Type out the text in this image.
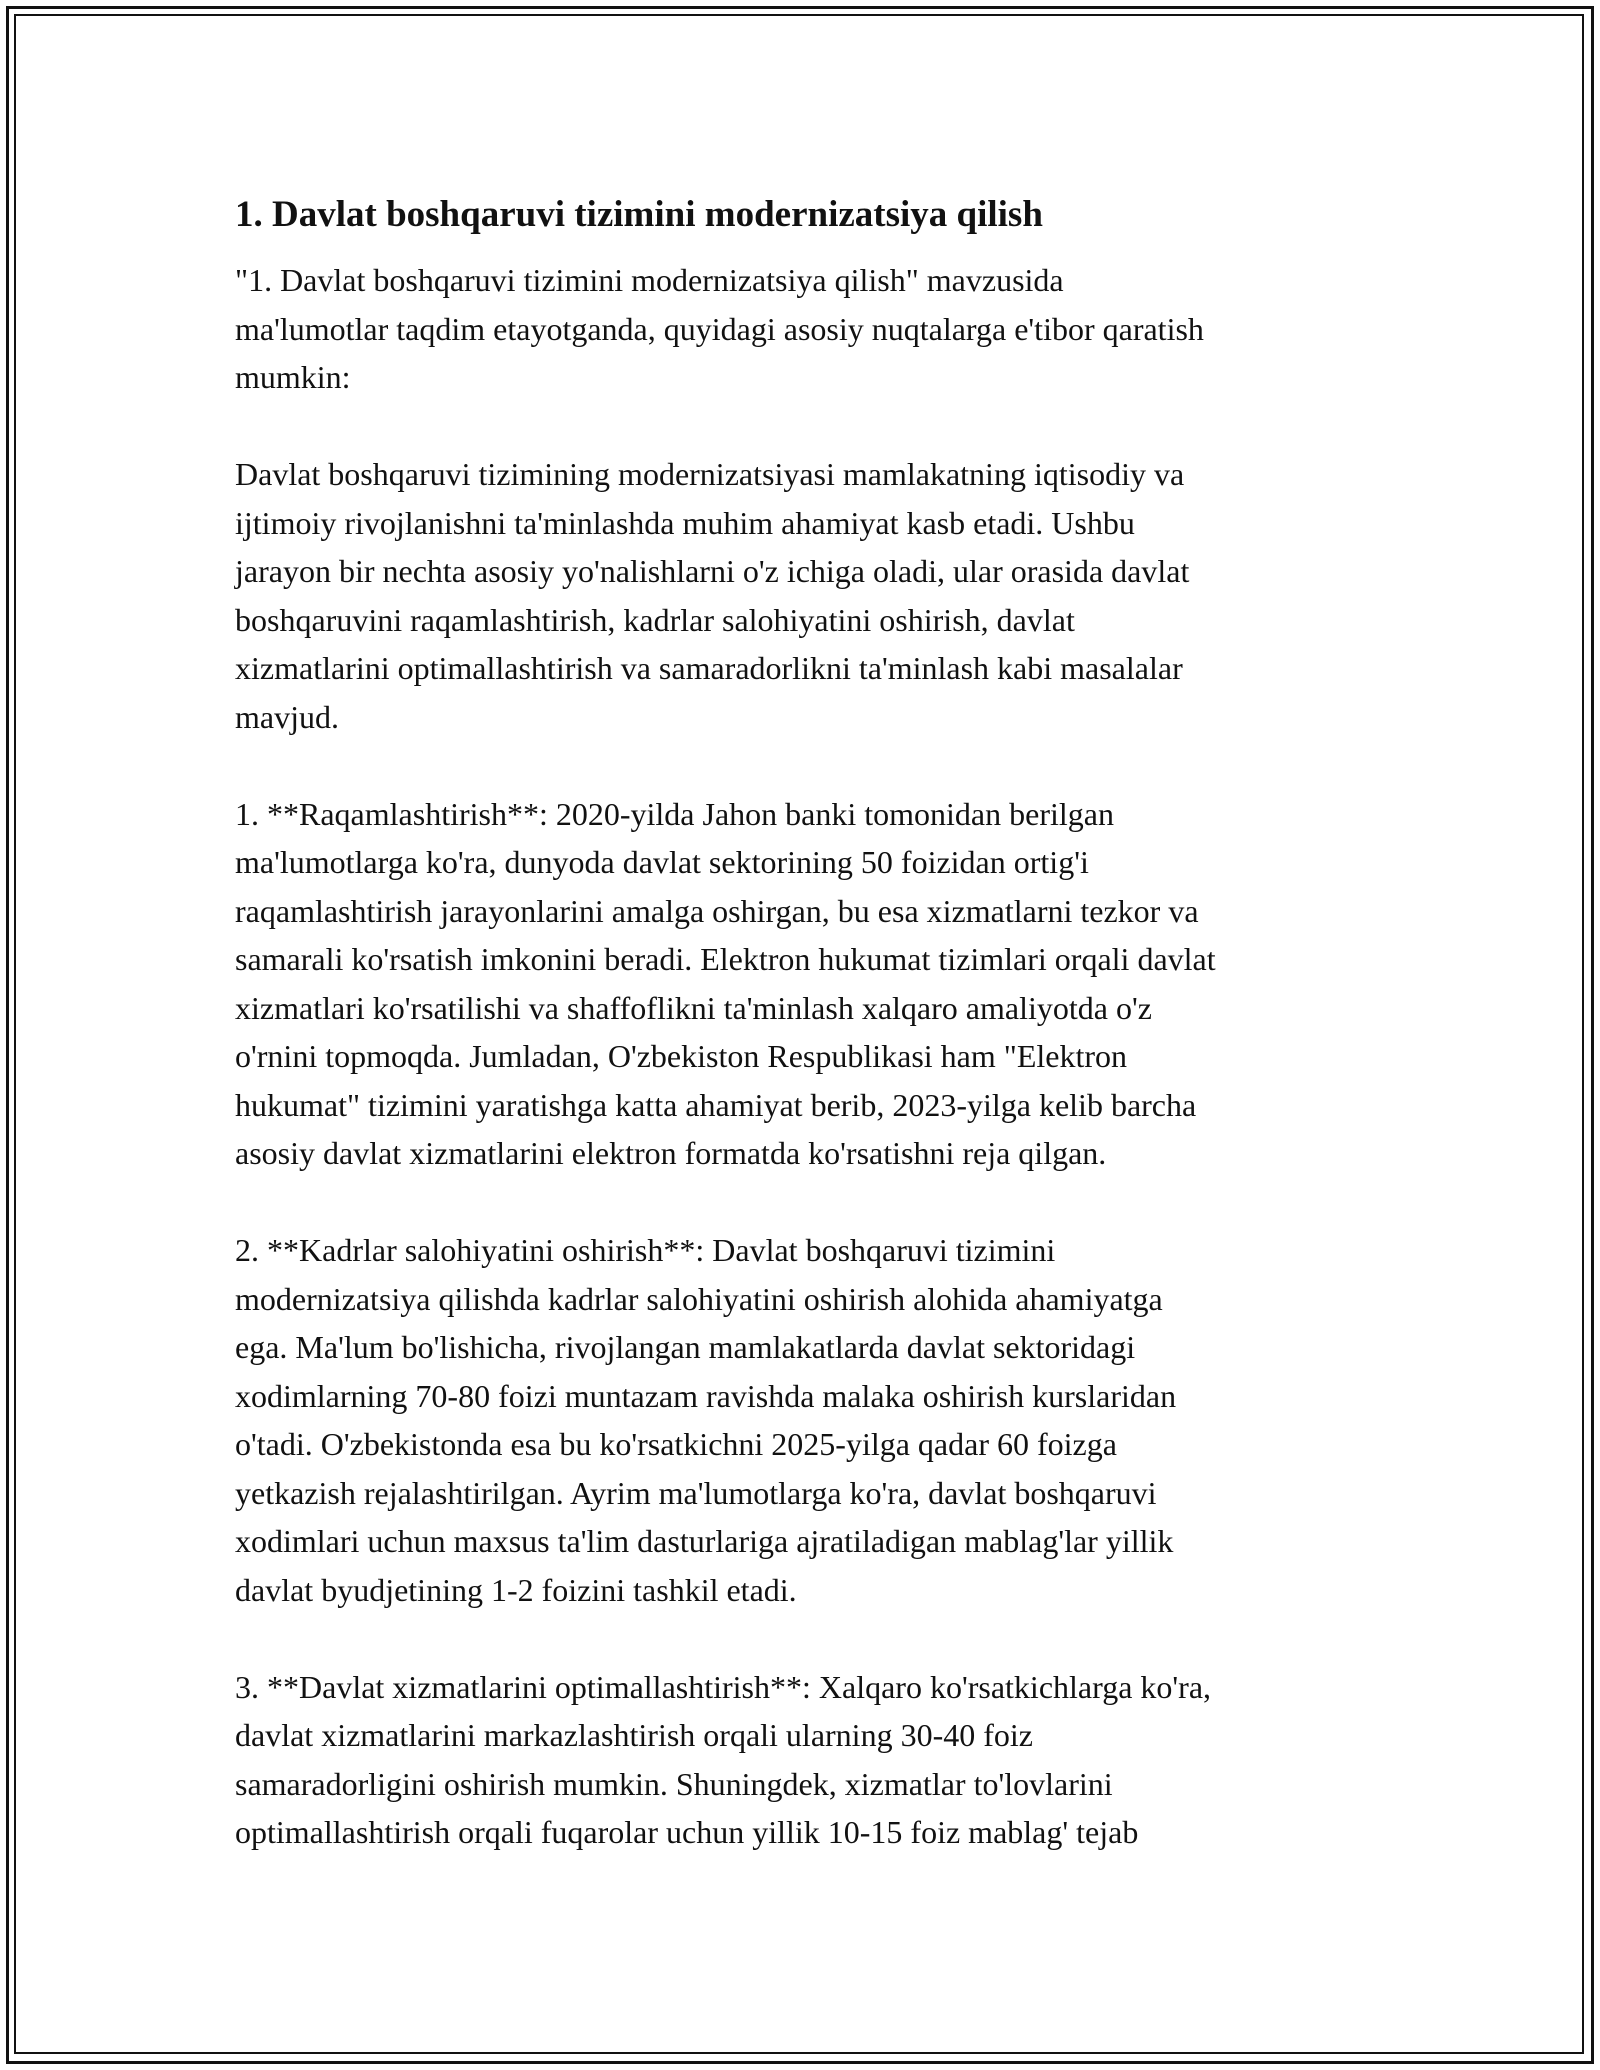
1. Davlat boshqaruvi tizimini modernizatsiya qilish

"1. Davlat boshqaruvi tizimini modernizatsiya qilish" mavzusida
ma'lumotlar taqdim etayotganda, quyidagi asosiy nuqtalarga e'tibor qaratish
mumkin:

Davlat boshqaruvi tizimining modernizatsiyasi mamlakatning iqtisodiy va
ijtimoiy rivojlanishni ta'minlashda muhim ahamiyat kasb etadi. Ushbu
jarayon bir nechta asosiy yo'nalishlarni o'z ichiga oladi, ular orasida davlat
boshqaruvini raqamlashtirish, kadrlar salohiyatini oshirish, davlat
xizmatlarini optimallashtirish va samaradorlikni ta'minlash kabi masalalar
mavjud.

1. **Raqamlashtirish**: 2020-yilda Jahon banki tomonidan berilgan
ma'lumotlarga ko'ra, dunyoda davlat sektorining 50 foizidan ortig'i
raqamlashtirish jarayonlarini amalga oshirgan, bu esa xizmatlarni tezkor va
samarali ko'rsatish imkonini beradi. Elektron hukumat tizimlari orqali davlat
xizmatlari ko'rsatilishi va shaffoflikni ta'minlash xalqaro amaliyotda o'z
o'rnini topmoqda. Jumladan, O'zbekiston Respublikasi ham "Elektron
hukumat" tizimini yaratishga katta ahamiyat berib, 2023-yilga kelib barcha
asosiy davlat xizmatlarini elektron formatda ko'rsatishni reja qilgan.

2. **Kadrlar salohiyatini oshirish**: Davlat boshqaruvi tizimini
modernizatsiya qilishda kadrlar salohiyatini oshirish alohida ahamiyatga
ega. Ma'lum bo'lishicha, rivojlangan mamlakatlarda davlat sektoridagi
xodimlarning 70-80 foizi muntazam ravishda malaka oshirish kurslaridan
o'tadi. O'zbekistonda esa bu ko'rsatkichni 2025-yilga qadar 60 foizga
yetkazish rejalashtirilgan. Ayrim ma'lumotlarga ko'ra, davlat boshqaruvi
xodimlari uchun maxsus ta'lim dasturlariga ajratiladigan mablag'lar yillik
davlat byudjetining 1-2 foizini tashkil etadi.

3. **Davlat xizmatlarini optimallashtirish**: Xalqaro ko'rsatkichlarga ko'ra,
davlat xizmatlarini markazlashtirish orqali ularning 30-40 foiz
samaradorligini oshirish mumkin. Shuningdek, xizmatlar to'lovlarini
optimallashtirish orqali fuqarolar uchun yillik 10-15 foiz mablag' tejab
